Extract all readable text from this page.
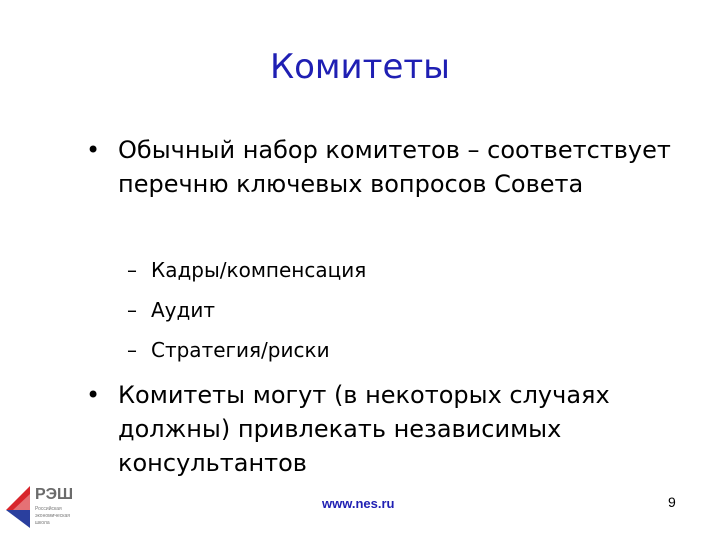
Комитеты
• Обычный набор комитетов – соответствует перечню ключевых вопросов Совета
– Кадры/компенсация
– Аудит
– Стратегия/риски
• Комитеты могут (в некоторых случаях должны) привлекать независимых консультантов
РЭШ
Российская экономическая школа
www.nes.ru	9
